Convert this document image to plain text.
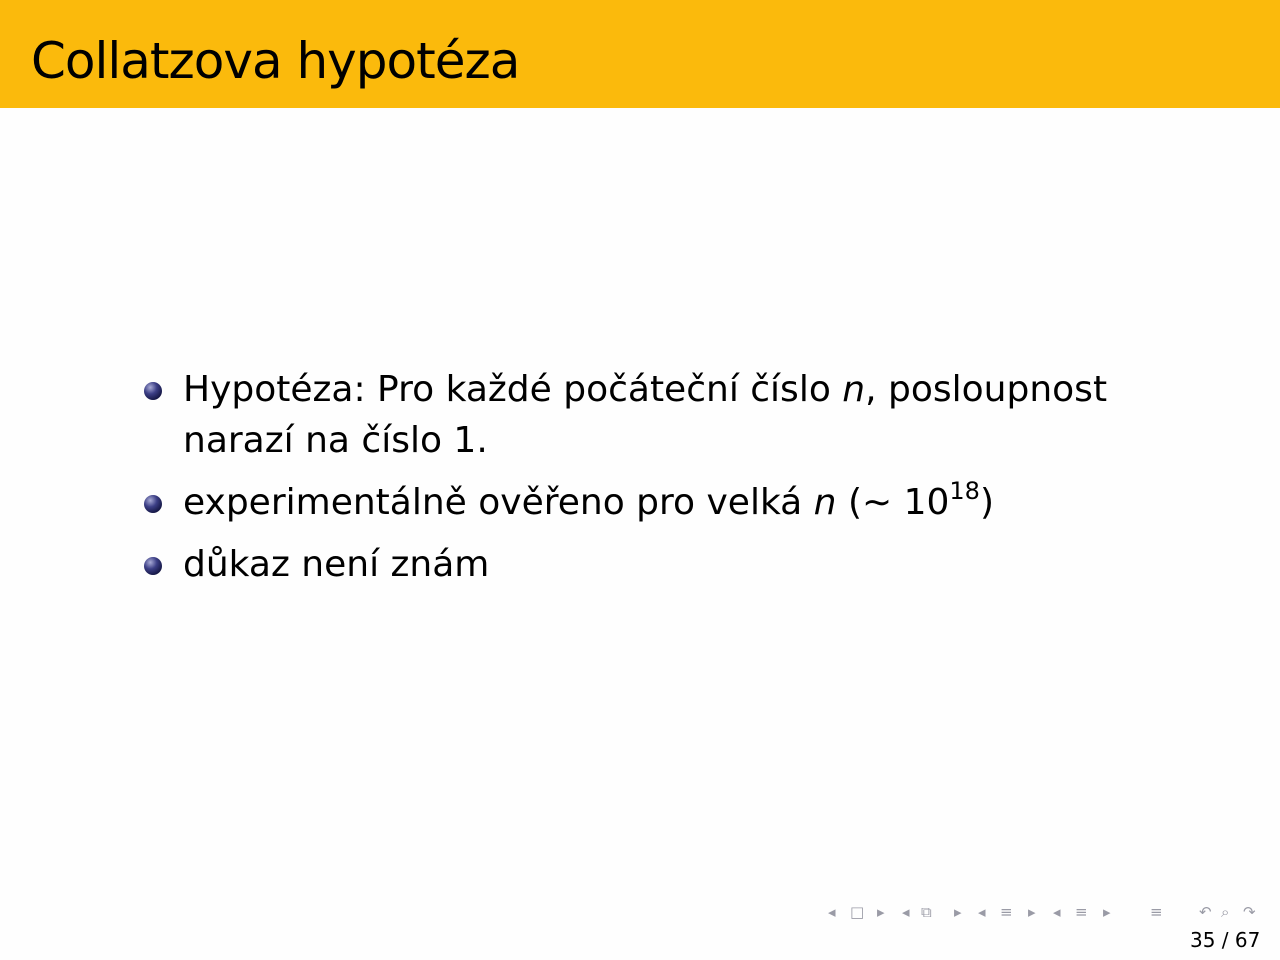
Collatzova hypotéza
Hypotéza: Pro každé počáteční číslo n, posloupnost narazí na číslo 1.
experimentálně ověřeno pro velká n (∼ $10^{18}$)
důkaz není znám
◂ □ ▸ ◂ ⧉ ▸ ◂ ≡ ▸ ◂ ≡ ▸	≡ ↶ ⌕ ↷
35 / 67
